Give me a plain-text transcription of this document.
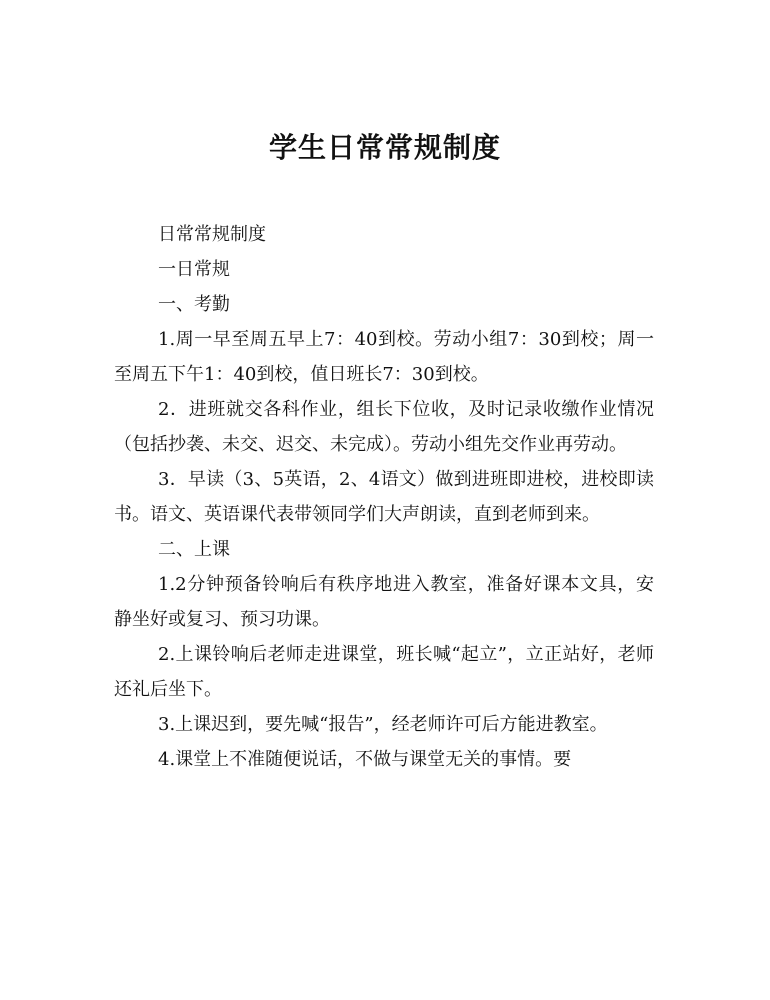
学生日常常规制度

日常常规制度

一日常规

一、考勤

1.周一早至周五早上7：40到校。劳动小组7：30到校；周一至周五下午1：40到校，值日班长7：30到校。

2．进班就交各科作业，组长下位收，及时记录收缴作业情况（包括抄袭、未交、迟交、未完成）。劳动小组先交作业再劳动。

3．早读（3、5英语，2、4语文）做到进班即进校，进校即读书。语文、英语课代表带领同学们大声朗读，直到老师到来。

二、上课

1.2分钟预备铃响后有秩序地进入教室，准备好课本文具，安静坐好或复习、预习功课。

2.上课铃响后老师走进课堂，班长喊“起立”，立正站好，老师还礼后坐下。

3.上课迟到，要先喊“报告”，经老师许可后方能进教室。

4.课堂上不准随便说话，不做与课堂无关的事情。要
